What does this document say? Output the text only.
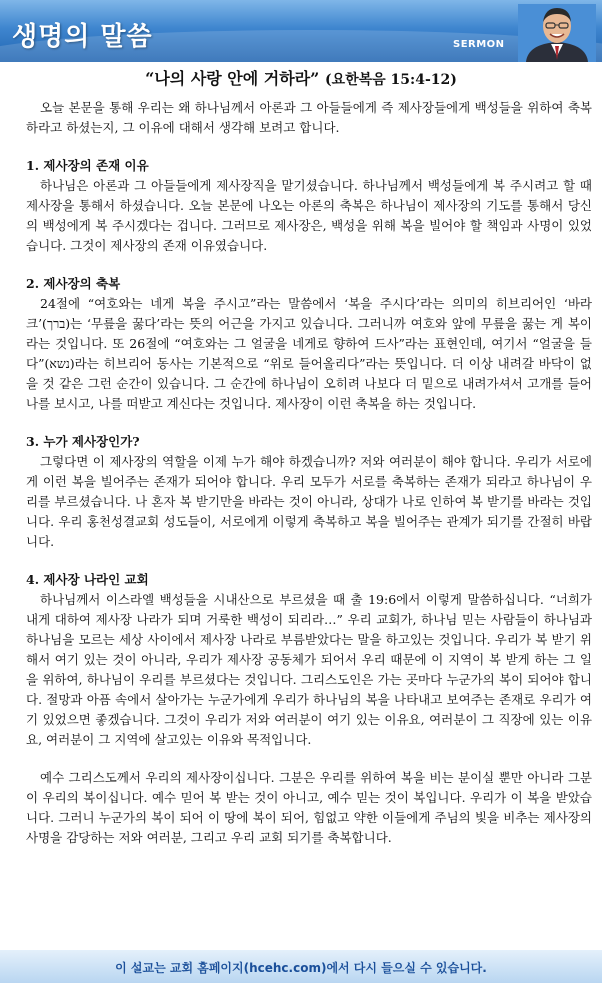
생명의 말씀	SERMON
“나의 사랑 안에 거하라” (요한복음 15:4-12)

오늘 본문을 통해 우리는 왜 하나님께서 아론과 그 아들들에게 즉 제사장들에게 백성들을 위하여 축복하라고 하셨는지, 그 이유에 대해서 생각해 보려고 합니다.

1. 제사장의 존재 이유

하나님은 아론과 그 아들들에게 제사장직을 맡기셨습니다. 하나님께서 백성들에게 복 주시려고 할 때 제사장을 통해서 하셨습니다. 오늘 본문에 나오는 아론의 축복은 하나님이 제사장의 기도를 통해서 당신의 백성에게 복 주시겠다는 겁니다. 그러므로 제사장은, 백성을 위해 복을 빌어야 할 책임과 사명이 있었습니다. 그것이 제사장의 존재 이유였습니다.

2. 제사장의 축복

24절에 “여호와는 네게 복을 주시고”라는 말씀에서 ‘복을 주시다’라는 의미의 히브리어인 ‘바라크’(ברך)는 ‘무릎을 꿇다’라는 뜻의 어근을 가지고 있습니다. 그러니까 여호와 앞에 무릎을 꿇는 게 복이라는 것입니다. 또 26절에 “여호와는 그 얼굴을 네게로 향하여 드사”라는 표현인데, 여기서 “얼굴을 들다”(נשא)라는 히브리어 동사는 기본적으로 “위로 들어올리다”라는 뜻입니다. 더 이상 내려갈 바닥이 없을 것 같은 그런 순간이 있습니다. 그 순간에 하나님이 오히려 나보다 더 밑으로 내려가셔서 고개를 들어 나를 보시고, 나를 떠받고 계신다는 것입니다. 제사장이 이런 축복을 하는 것입니다.

3. 누가 제사장인가?

그렇다면 이 제사장의 역할을 이제 누가 해야 하겠습니까? 저와 여러분이 해야 합니다. 우리가 서로에게 이런 복을 빌어주는 존재가 되어야 합니다. 우리 모두가 서로를 축복하는 존재가 되라고 하나님이 우리를 부르셨습니다. 나 혼자 복 받기만을 바라는 것이 아니라, 상대가 나로 인하여 복 받기를 바라는 것입니다. 우리 홍천성결교회 성도들이, 서로에게 이렇게 축복하고 복을 빌어주는 관계가 되기를 간절히 바랍니다.

4. 제사장 나라인 교회

하나님께서 이스라엘 백성들을 시내산으로 부르셨을 때 출 19:6에서 이렇게 말씀하십니다. “너희가 내게 대하여 제사장 나라가 되며 거룩한 백성이 되리라…” 우리 교회가, 하나님 믿는 사람들이 하나님과 하나님을 모르는 세상 사이에서 제사장 나라로 부름받았다는 말을 하고있는 것입니다. 우리가 복 받기 위해서 여기 있는 것이 아니라, 우리가 제사장 공동체가 되어서 우리 때문에 이 지역이 복 받게 하는 그 일을 위하여, 하나님이 우리를 부르셨다는 것입니다. 그리스도인은 가는 곳마다 누군가의 복이 되어야 합니다. 절망과 아픔 속에서 살아가는 누군가에게 우리가 하나님의 복을 나타내고 보여주는 존재로 우리가 여기 있었으면 좋겠습니다. 그것이 우리가 저와 여러분이 여기 있는 이유요, 여러분이 그 직장에 있는 이유요, 여러분이 그 지역에 살고있는 이유와 목적입니다.

예수 그리스도께서 우리의 제사장이십니다. 그분은 우리를 위하여 복을 비는 분이실 뿐만 아니라 그분이 우리의 복이십니다. 예수 믿어 복 받는 것이 아니고, 예수 믿는 것이 복입니다. 우리가 이 복을 받았습니다. 그러니 누군가의 복이 되어 이 땅에 복이 되어, 힘없고 약한 이들에게 주님의 빛을 비추는 제사장의 사명을 감당하는 저와 여러분, 그리고 우리 교회 되기를 축복합니다.

이 설교는 교회 홈페이지(hcehc.com)에서 다시 들으실 수 있습니다.
